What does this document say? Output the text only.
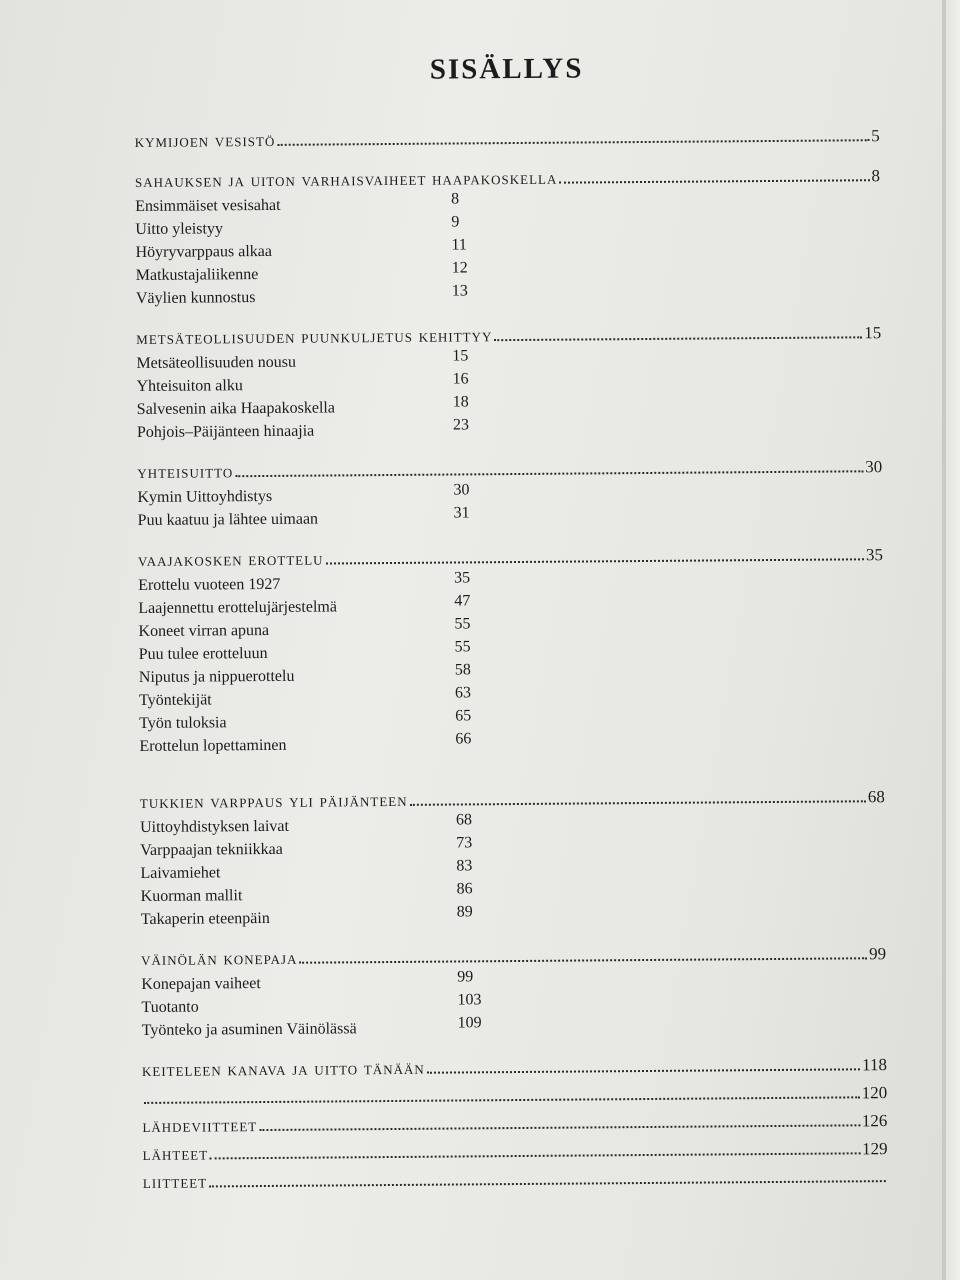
SISÄLLYS
kymijoen vesistö	5
sahauksen ja uiton varhaisvaiheet haapakoskella	8
Ensimmäiset vesisahat	8
Uitto yleistyy	9
Höyryvarppaus alkaa	11
Matkustajaliikenne	12
Väylien kunnostus	13
metsäteollisuuden puunkuljetus kehittyy	15
Metsäteollisuuden nousu	15
Yhteisuiton alku	16
Salvesenin aika Haapakoskella	18
Pohjois–Päijänteen hinaajia	23
yhteisuitto	30
Kymin Uittoyhdistys	30
Puu kaatuu ja lähtee uimaan	31
vaajakosken erottelu	35
Erottelu vuoteen 1927	35
Laajennettu erottelujärjestelmä	47
Koneet virran apuna	55
Puu tulee erotteluun	55
Niputus ja nippuerottelu	58
Työntekijät	63
Työn tuloksia	65
Erottelun lopettaminen	66
tukkien varppaus yli päijänteen	68
Uittoyhdistyksen laivat	68
Varppaajan tekniikkaa	73
Laivamiehet	83
Kuorman mallit	86
Takaperin eteenpäin	89
väinölän konepaja	99
Konepajan vaiheet	99
Tuotanto	103
Työnteko ja asuminen Väinölässä	109
keiteleen kanava ja uitto tänään	118
120
lähdeviitteet	126
lähteet	129
liitteet
